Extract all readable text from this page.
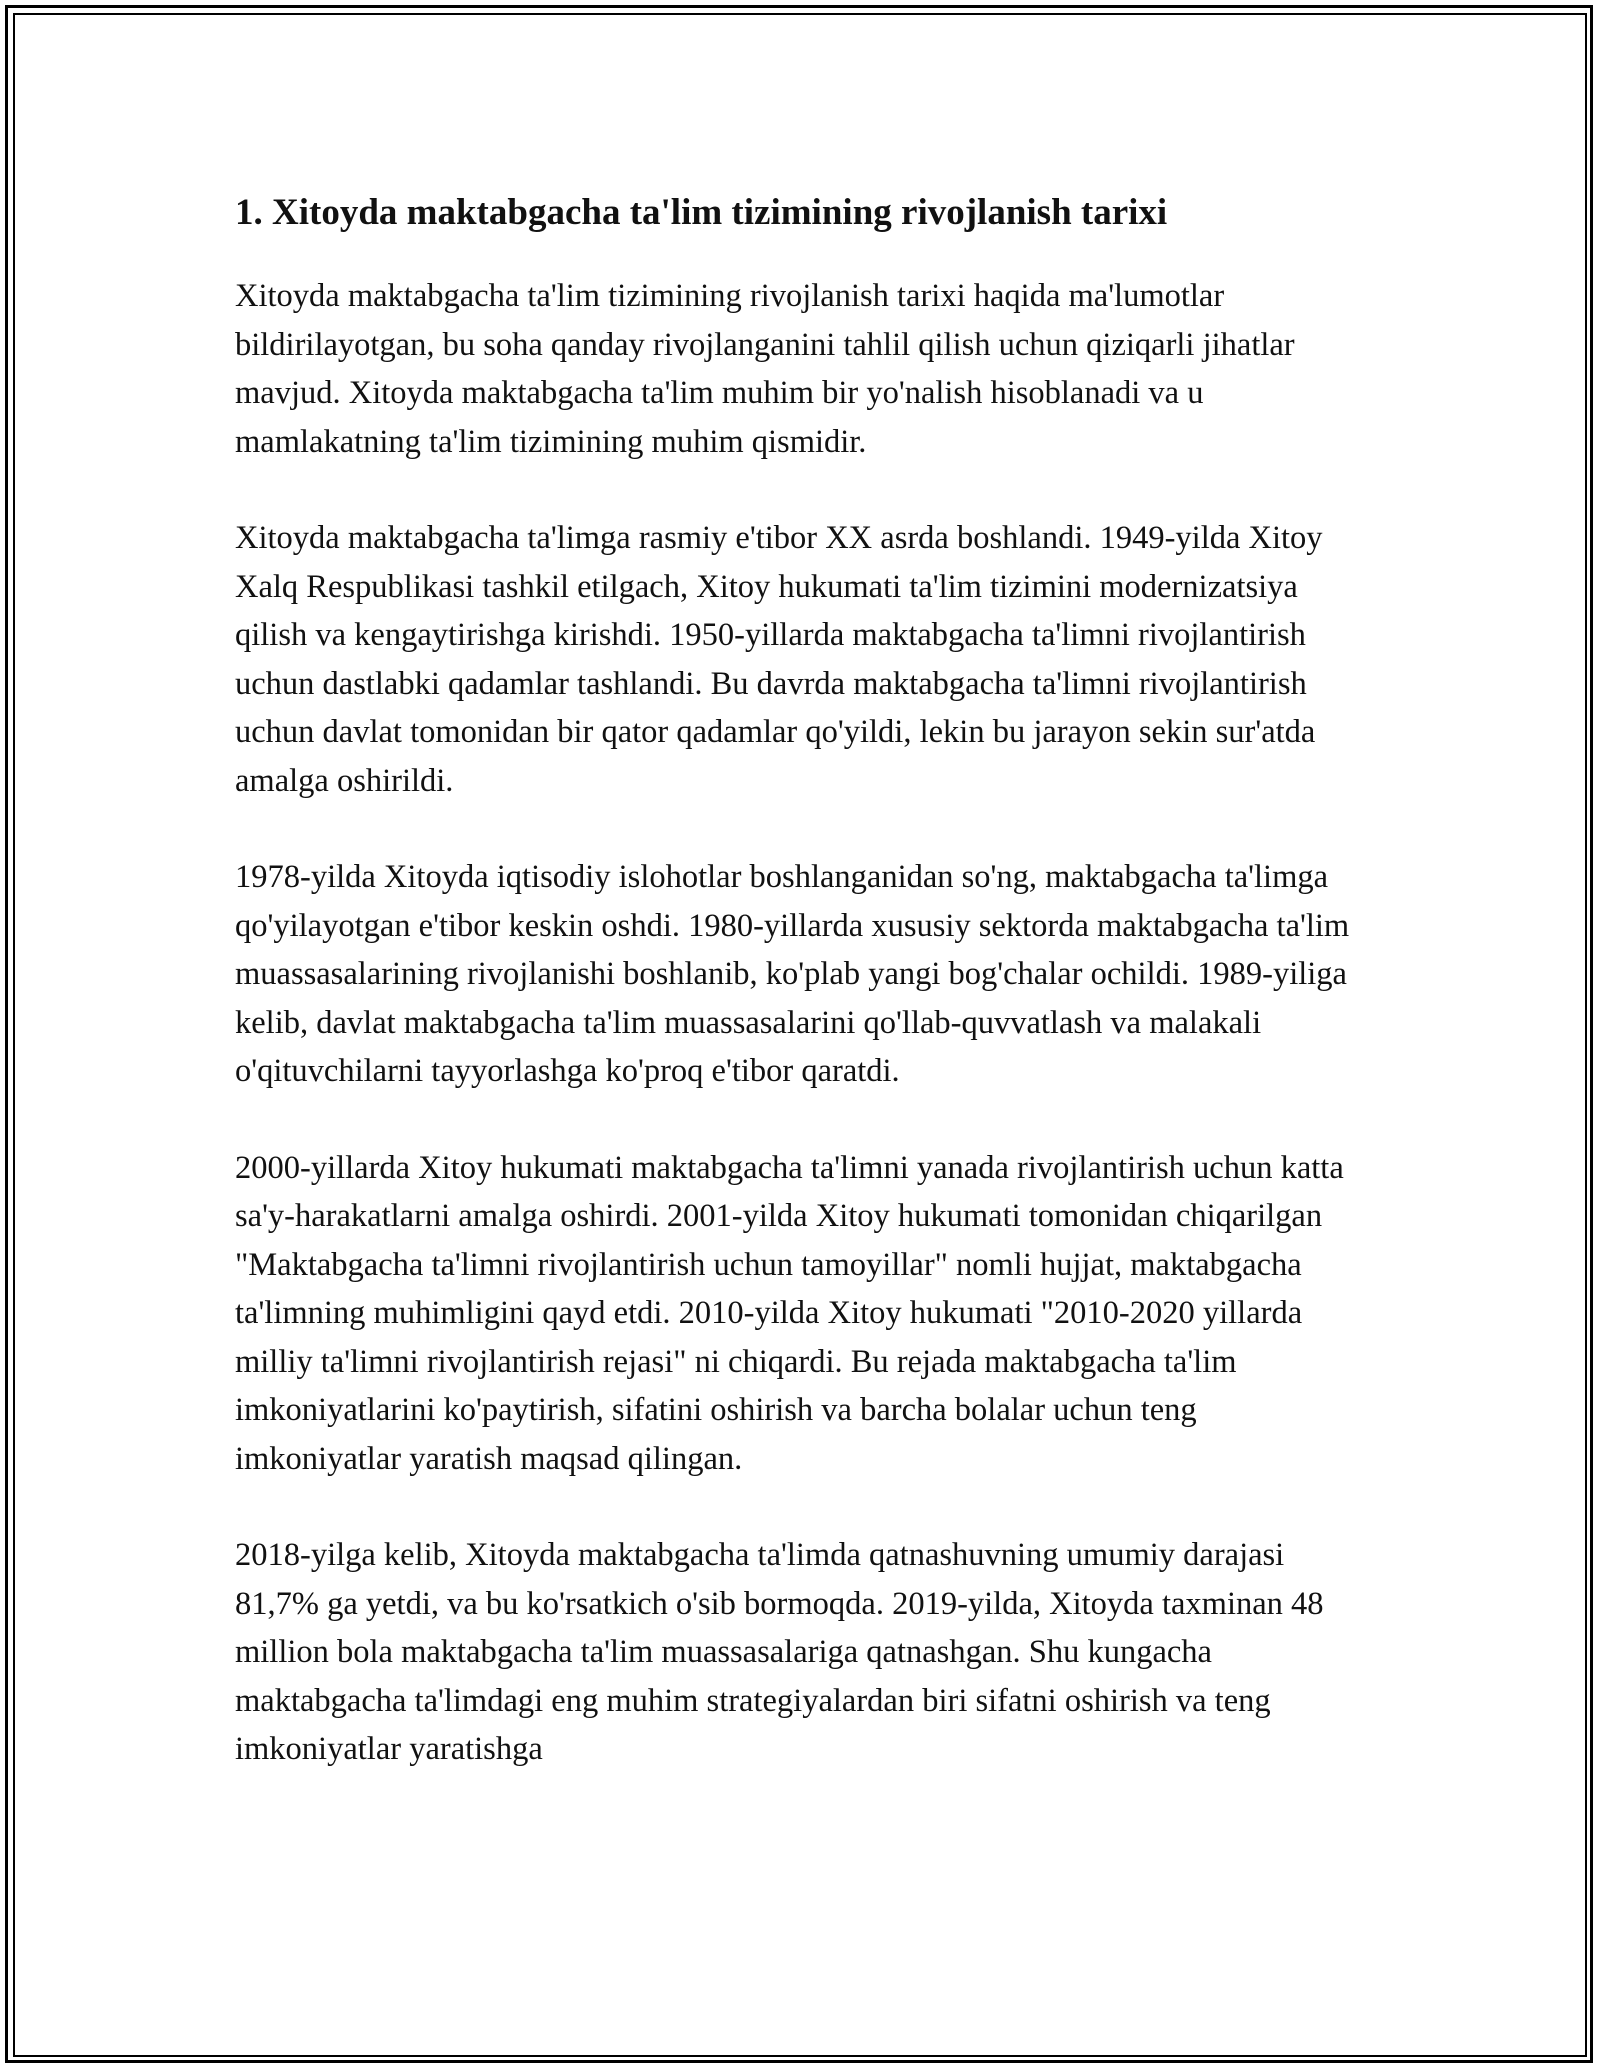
1. Xitoyda maktabgacha ta'lim tizimining rivojlanish tarixi

Xitoyda maktabgacha ta'lim tizimining rivojlanish tarixi haqida ma'lumotlar bildirilayotgan, bu soha qanday rivojlanganini tahlil qilish uchun qiziqarli jihatlar mavjud. Xitoyda maktabgacha ta'lim muhim bir yo'nalish hisoblanadi va u mamlakatning ta'lim tizimining muhim qismidir.

Xitoyda maktabgacha ta'limga rasmiy e'tibor XX asrda boshlandi. 1949-yilda Xitoy Xalq Respublikasi tashkil etilgach, Xitoy hukumati ta'lim tizimini modernizatsiya qilish va kengaytirishga kirishdi. 1950-yillarda maktabgacha ta'limni rivojlantirish uchun dastlabki qadamlar tashlandi. Bu davrda maktabgacha ta'limni rivojlantirish uchun davlat tomonidan bir qator qadamlar qo'yildi, lekin bu jarayon sekin sur'atda amalga oshirildi.

1978-yilda Xitoyda iqtisodiy islohotlar boshlanganidan so'ng, maktabgacha ta'limga qo'yilayotgan e'tibor keskin oshdi. 1980-yillarda xususiy sektorda maktabgacha ta'lim muassasalarining rivojlanishi boshlanib, ko'plab yangi bog'chalar ochildi. 1989-yiliga kelib, davlat maktabgacha ta'lim muassasalarini qo'llab-quvvatlash va malakali o'qituvchilarni tayyorlashga ko'proq e'tibor qaratdi.

2000-yillarda Xitoy hukumati maktabgacha ta'limni yanada rivojlantirish uchun katta sa'y-harakatlarni amalga oshirdi. 2001-yilda Xitoy hukumati tomonidan chiqarilgan "Maktabgacha ta'limni rivojlantirish uchun tamoyillar" nomli hujjat, maktabgacha ta'limning muhimligini qayd etdi. 2010-yilda Xitoy hukumati "2010-2020 yillarda milliy ta'limni rivojlantirish rejasi" ni chiqardi. Bu rejada maktabgacha ta'lim imkoniyatlarini ko'paytirish, sifatini oshirish va barcha bolalar uchun teng imkoniyatlar yaratish maqsad qilingan.

2018-yilga kelib, Xitoyda maktabgacha ta'limda qatnashuvning umumiy darajasi 81,7% ga yetdi, va bu ko'rsatkich o'sib bormoqda. 2019-yilda, Xitoyda taxminan 48 million bola maktabgacha ta'lim muassasalariga qatnashgan. Shu kungacha maktabgacha ta'limdagi eng muhim strategiyalardan biri sifatni oshirish va teng imkoniyatlar yaratishga
